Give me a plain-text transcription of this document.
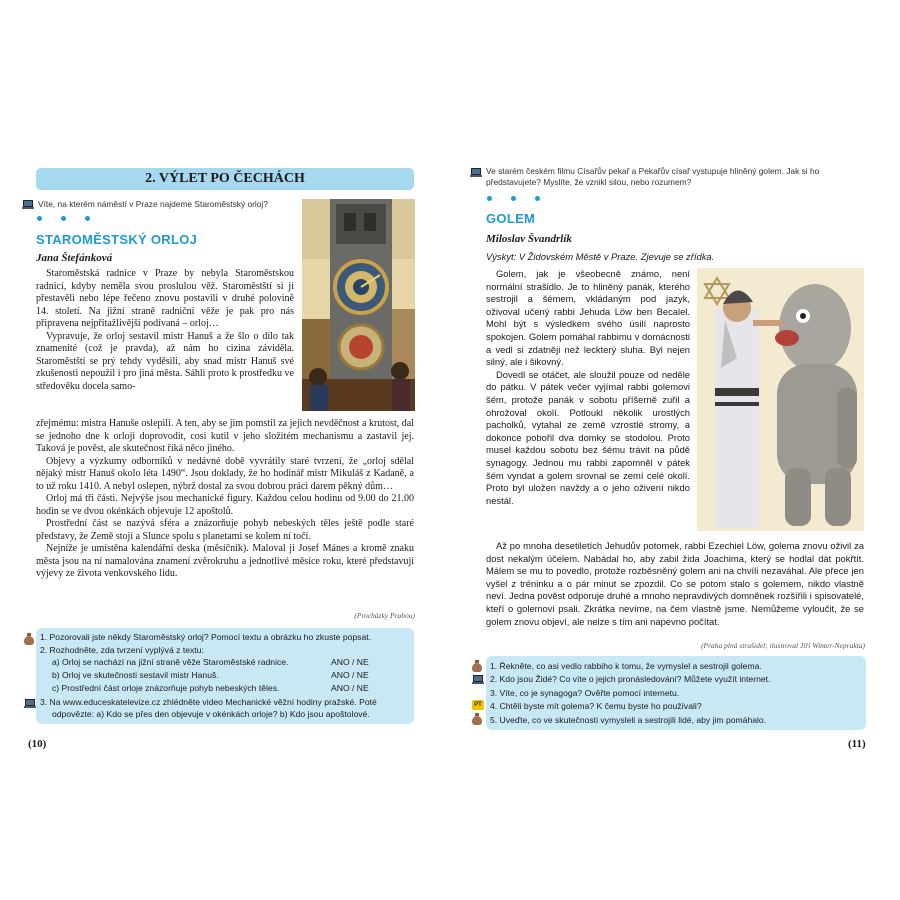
2. VÝLET PO ČECHÁCH
Víte, na kterém náměstí v Praze najdeme Staroměstský orloj?
STAROMĚSTSKÝ ORLOJ
Jana Štefánková

Staroměstská radnice v Praze by nebyla Staroměstskou radnicí, kdyby neměla svou proslulou věž. Staroměstští si ji přestavěli nebo lépe řečeno znovu postavili v druhé polovině 14. století. Na jižní straně radniční věže je pak pro nás připravena nejpřitažlivější podívaná – orloj…

Vypravuje, že orloj sestavil mistr Hanuš a že šlo o dílo tak znamenité (což je pravda), až nám ho cizina záviděla. Staroměstští se prý tehdy vyděsili, aby snad mistr Hanuš své zkušenosti nepoužil i pro jiná města. Sáhli proto k prostředku ve středověku docela samo-

zřejmému: mistra Hanuše oslepili. A ten, aby se jim pomstil za jejich nevděčnost a krutost, dal se jednoho dne k orloji doprovodit, cosi kutil v jeho složitém mechanismu a zastavil jej. Taková je pověst, ale skutečnost říká něco jiného.

Objevy a výzkumy odborníků v nedávné době vyvrátily staré tvrzení, že „orloj sdělal nějaký mistr Hanuš okolo léta 1490“. Jsou doklady, že ho hodinář mistr Mikuláš z Kadaně, a to už roku 1410. A nebyl oslepen, nýbrž dostal za svou dobrou práci darem pěkný dům…

Orloj má tři části. Nejvýše jsou mechanické figury. Každou celou hodinu od 9.00 do 21.00 hodin se ve dvou okénkách objevuje 12 apoštolů.

Prostřední část se nazývá sféra a znázorňuje pohyb nebeských těles ještě podle staré představy, že Země stojí a Slunce spolu s planetami se kolem ní točí.

Nejníže je umístěna kalendářní deska (měsíčník). Maloval ji Josef Mánes a kromě znaku města jsou na ní namalována znamení zvěrokruhu a jednotlivé měsíce roku, které představují výjevy ze života venkovského lidu.

(Procházky Prahou)
1. Pozorovali jste někdy Staroměstský orloj? Pomocí textu a obrázku ho zkuste popsat.
2. Rozhodněte, zda tvrzení vyplývá z textu:
a) Orloj se nachází na jižní straně věže Staroměstské radnice.	ANO / NE
b) Orloj ve skutečnosti sestavil mistr Hanuš.	ANO / NE
c) Prostřední část orloje znázorňuje pohyb nebeských těles.	ANO / NE
3. Na www.educeskatelevize.cz zhlédněte video Mechanické věžní hodiny pražské. Poté
odpovězte: a) Kdo se přes den objevuje v okénkách orloje? b) Kdo jsou apoštolové.
(10)
Ve starém českém filmu Císařův pekař a Pekařův císař vystupuje hliněný golem. Jak si ho představujete? Myslíte, že vznikl silou, nebo rozumem?
GOLEM
Miloslav Švandrlík
Výskyt: V Židovském Městě v Praze. Zjevuje se zřídka.

Golem, jak je všeobecně známo, není normální strašidlo. Je to hliněný panák, kterého sestrojil a šémem, vkládaným pod jazyk, oživoval učený rabbi Jehuda Löw ben Becalel. Mohl být s výsledkem svého úsilí naprosto spokojen. Golem pomáhal rabbimu v domácnosti a vedl si zdatněji než leckterý sluha. Byl nejen silný, ale i šikovný.

Dovedl se otáčet, ale sloužil pouze od neděle do pátku. V pátek večer vyjímal rabbi golemovi šém, protože panák v sobotu příšerně zuřil a ohrožoval okolí. Potloukl několik urostlých pacholků, vytahal ze země vzrostlé stromy, a dokonce pobořil dva domky se stodolou. Proto musel každou sobotu bez šému trávit na půdě synagogy. Jednou mu rabbi zapomněl v pátek šém vyndat a golem srovnal se zemí celé okolí. Proto byl uložen navždy a o jeho oživení nikdo nestál.

Až po mnoha desetiletích Jehudův potomek, rabbi Ezechiel Löw, golema znovu oživil za dost nekalým účelem. Nabádal ho, aby zabil žida Joachima, který se hodlal dát pokřtít. Málem se mu to povedlo, protože rozběsněný golem ani na chvíli nezaváhal. Ale přece jen vyšel z tréninku a o pár minut se zpozdil. Co se potom stalo s golemem, nikdo vlastně neví. Jedna pověst odporuje druhé a mnoho nepravdivých domněnek rozšířili i spisovatelé, kteří o golemovi psali. Zkrátka nevíme, na čem vlastně jsme. Nemůžeme vyloučit, že se golem znovu objeví, ale nelze s tím ani napevno počítat.

(Praha plná strašidel; ilustroval Jiří Winter-Neprakta)
PT
1. Řekněte, co asi vedlo rabbiho k tomu, že vymyslel a sestrojil golema.
2. Kdo jsou Židé? Co víte o jejich pronásledování? Můžete využít internet.
3. Víte, co je synagoga? Ověřte pomocí internetu.
4. Chtěli byste mít golema? K čemu byste ho používali?
5. Uveďte, co ve skutečnosti vymysleli a sestrojili lidé, aby jim pomáhalo.
(11)
